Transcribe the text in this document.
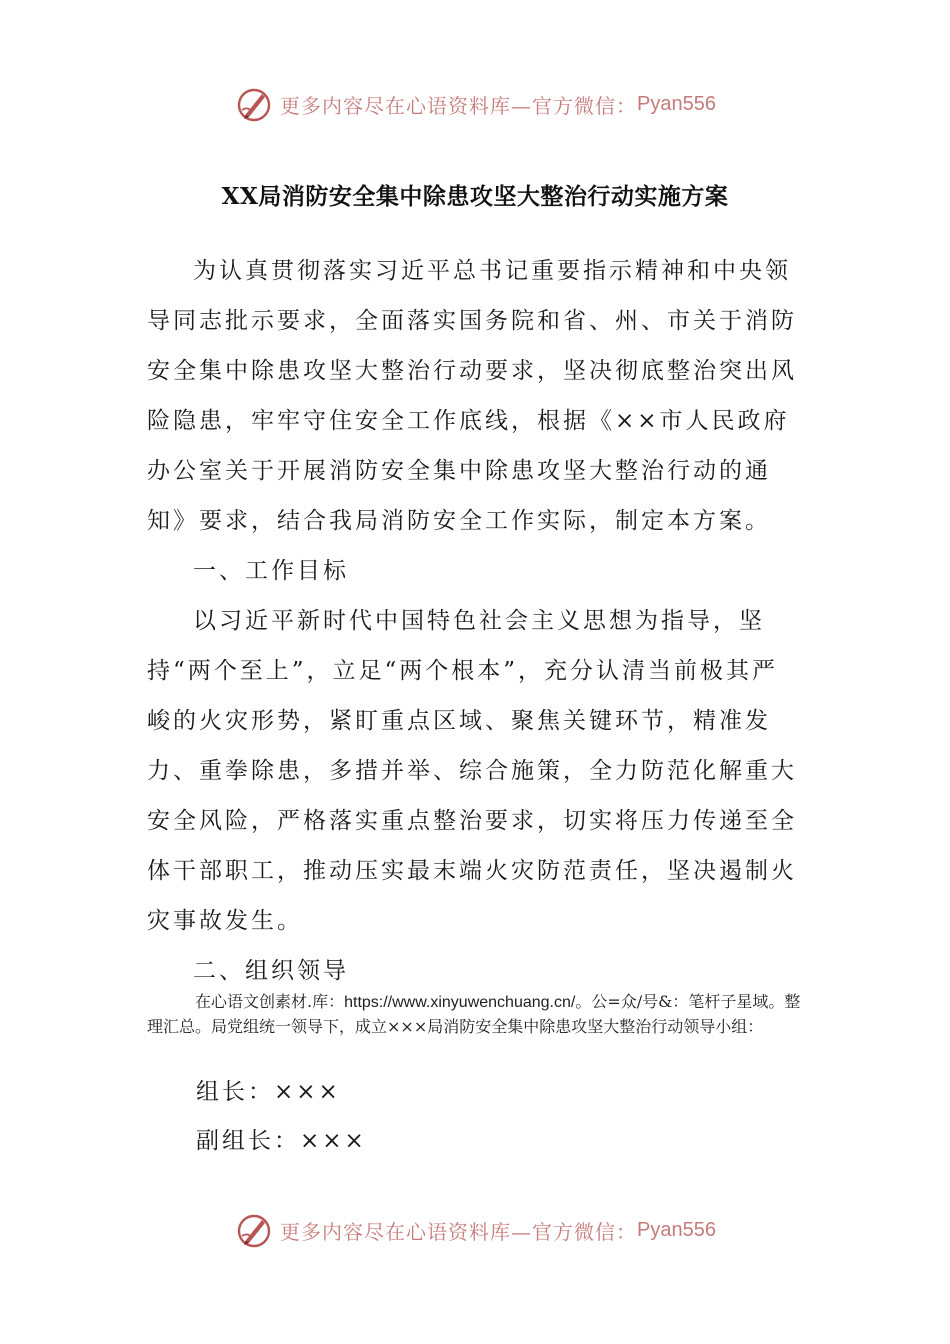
更多内容尽在心语资料库—官方微信： Pyan556
XX局消防安全集中除患攻坚大整治行动实施方案

为认真贯彻落实习近平总书记重要指示精神和中央领导同志批示要求，全面落实国务院和省、州、市关于消防安全集中除患攻坚大整治行动要求，坚决彻底整治突出风险隐患，牢牢守住安全工作底线，根据《××市人民政府办公室关于开展消防安全集中除患攻坚大整治行动的通知》要求，结合我局消防安全工作实际，制定本方案。

一、工作目标

以习近平新时代中国特色社会主义思想为指导，坚持“两个至上”，立足“两个根本”，充分认清当前极其严峻的火灾形势，紧盯重点区域、聚焦关键环节，精准发力、重拳除患，多措并举、综合施策，全力防范化解重大安全风险，严格落实重点整治要求，切实将压力传递至全体干部职工，推动压实最末端火灾防范责任，坚决遏制火灾事故发生。

二、组织领导

在心语文创素材.库：https://www.xinyuwenchuang.cn/。公=众/号&：笔杆子星域。整理汇总。局党组统一领导下，成立×××局消防安全集中除患攻坚大整治行动领导小组：

组长：×××

副组长：×××

更多内容尽在心语资料库—官方微信： Pyan556
